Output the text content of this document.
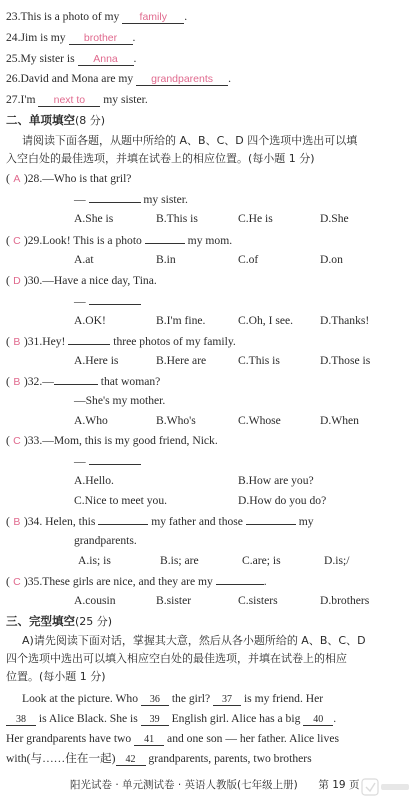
23.This is a photo of my family .
24.Jim is my brother .
25.My sister is Anna .
26.David and Mona are my grandparents .
27.I'm next to my sister.
二、单项填空(8 分)
请阅读下面各题，从题中所给的 A、B、C、D 四个选项中选出可以填
入空白处的最佳选项，并填在试卷上的相应位置。(每小题 1 分)
( A )28.—Who is that gril?
—	my sister.
A.She is	B.This is	C.He is	D.She
( C )29.Look! This is a photo	my mom.
A.at	B.in	C.of	D.on
( D )30.—Have a nice day, Tina.
—
A.OK!	B.I'm fine.	C.Oh, I see. D.Thanks!
( B )31.Hey!	three photos of my family.
A.Here is	B.Here are	C.This is	D.Those is
( B )32.—	that woman?
—She's my mother.
A.Who	B.Who's	C.Whose	D.When
( C )33.—Mom, this is my good friend, Nick.
—
A.Hello.	B.How are you?
C.Nice to meet you.	D.How do you do?
( B )34. Helen, this	my father and those	my
grandparents.
A.is; is	B.is; are	C.are; is	D.is;/
( C )35.These girls are nice, and they are my	.
A.cousin	B.sister	C.sisters	D.brothers
三、完型填空(25 分)
A)请先阅读下面对话，掌握其大意，然后从各小题所给的 A、B、C、D
四个选项中选出可以填入相应空白处的最佳选项，并填在试卷上的相应
位置。(每小题 1 分)
Look at the picture. Who 36 the girl? 37 is my friend. Her
38 is Alice Black. She is 39 English girl. Alice has a big 40 .
Her grandparents have two 41 and one son — her father. Alice lives
with(与……住在一起) 42 grandparents, parents, two brothers
阳光试卷 · 单元测试卷 · 英语人教版(七年级上册) 第 19 页
